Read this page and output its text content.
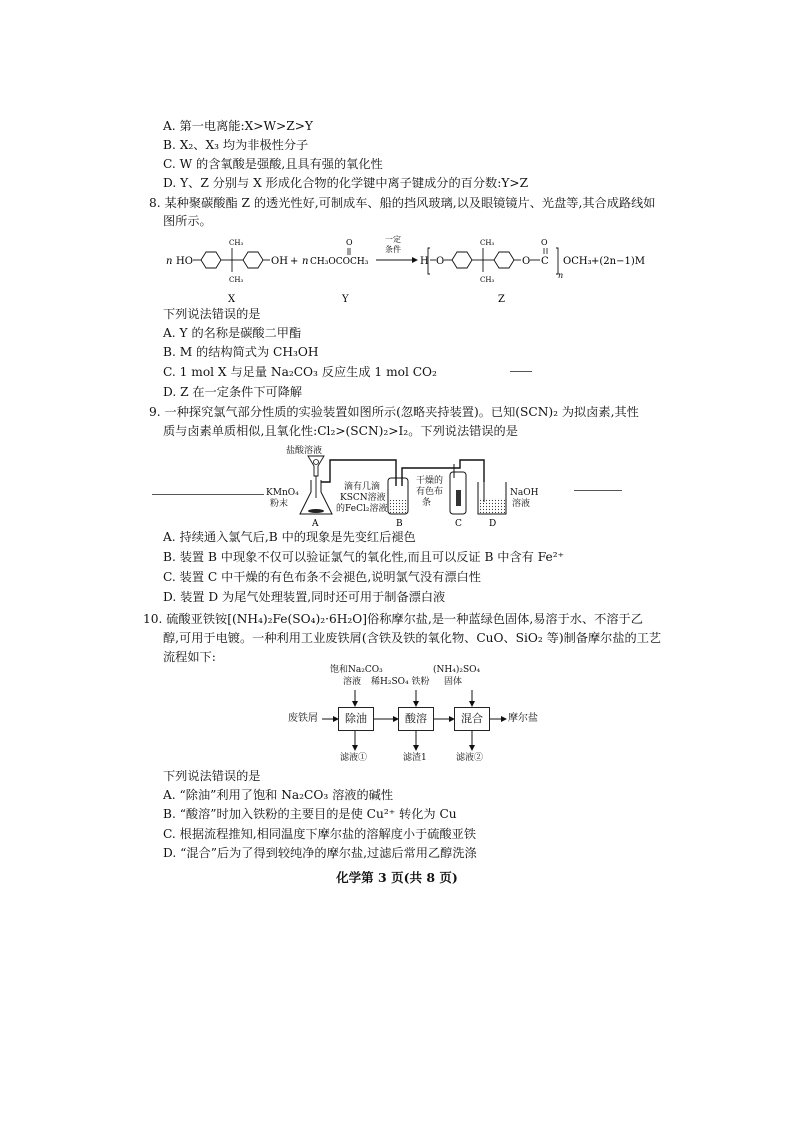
A. 第一电离能:X>W>Z>Y
B. X₂、X₃ 均为非极性分子
C. W 的含氧酸是强酸,且具有强的氧化性
D. Y、Z 分别与 X 形成化合物的化学键中离子键成分的百分数:Y>Z
8. 某种聚碳酸酯 Z 的透光性好,可制成车、船的挡风玻璃,以及眼镜镜片、光盘等,其合成路线如
图所示。
n HO
CH₃
CH₃
OH + n CH₃OCOCH₃
O	一定
条件
H O
CH₃
CH₃
O C
O
n
OCH₃ +(2n−1)M
X	Y	Z
下列说法错误的是
A. Y 的名称是碳酸二甲酯
B. M 的结构简式为 CH₃OH
C. 1 mol X 与足量 Na₂CO₃ 反应生成 1 mol CO₂
D. Z 在一定条件下可降解
9. 一种探究氯气部分性质的实验装置如图所示(忽略夹持装置)。已知(SCN)₂ 为拟卤素,其性
质与卤素单质相似,且氧化性:Cl₂>(SCN)₂>I₂。下列说法错误的是
A	B	C	D
盐酸溶液
KMnO₄
粉末
滴有几滴
KSCN溶液
的FeCl₂溶液
干燥的
有色布
条
NaOH
溶液
A. 持续通入氯气后,B 中的现象是先变红后褪色
B. 装置 B 中现象不仅可以验证氯气的氧化性,而且可以反证 B 中含有 Fe²⁺
C. 装置 C 中干燥的有色布条不会褪色,说明氯气没有漂白性
D. 装置 D 为尾气处理装置,同时还可用于制备漂白液
10. 硫酸亚铁铵[(NH₄)₂Fe(SO₄)₂·6H₂O]俗称摩尔盐,是一种蓝绿色固体,易溶于水、不溶于乙
醇,可用于电镀。一种利用工业废铁屑(含铁及铁的氧化物、CuO、SiO₂ 等)制备摩尔盐的工艺
流程如下:
饱和Na₂CO₃
溶液 稀H₂SO₄ 铁粉
(NH₄)₂SO₄
固体
废铁屑	除油	酸溶	混合	摩尔盐
滤液①	滤渣1	滤液②
下列说法错误的是
A. “除油”利用了饱和 Na₂CO₃ 溶液的碱性
B. “酸溶”时加入铁粉的主要目的是使 Cu²⁺ 转化为 Cu
C. 根据流程推知,相同温度下摩尔盐的溶解度小于硫酸亚铁
D. “混合”后为了得到较纯净的摩尔盐,过滤后常用乙醇洗涤
化学第 3 页(共 8 页)
